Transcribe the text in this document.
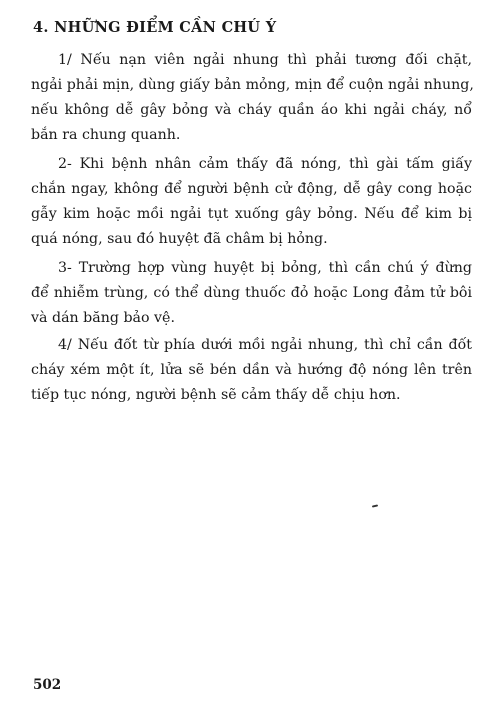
4. NHỮNG ĐIỂM CẦN CHÚ Ý
1/ Nếu nạn viên ngải nhung thì phải tương đối chặt,
ngải phải mịn, dùng giấy bản mỏng, mịn để cuộn ngải nhung,
nếu không dễ gây bỏng và cháy quần áo khi ngải cháy, nổ
bắn ra chung quanh.
2- Khi bệnh nhân cảm thấy đã nóng, thì gài tấm giấy
chắn ngay, không để người bệnh cử động, dễ gây cong hoặc
gẫy kim hoặc mồi ngải tụt xuống gây bỏng. Nếu để kim bị
quá nóng, sau đó huyệt đã châm bị hỏng.
3- Trường hợp vùng huyệt bị bỏng, thì cần chú ý đừng
để nhiễm trùng, có thể dùng thuốc đỏ hoặc Long đảm tử bôi
và dán băng bảo vệ.
4/ Nếu đốt từ phía dưới mồi ngải nhung, thì chỉ cần đốt
cháy xém một ít, lửa sẽ bén dần và hướng độ nóng lên trên
tiếp tục nóng, người bệnh sẽ cảm thấy dễ chịu hơn.
502
